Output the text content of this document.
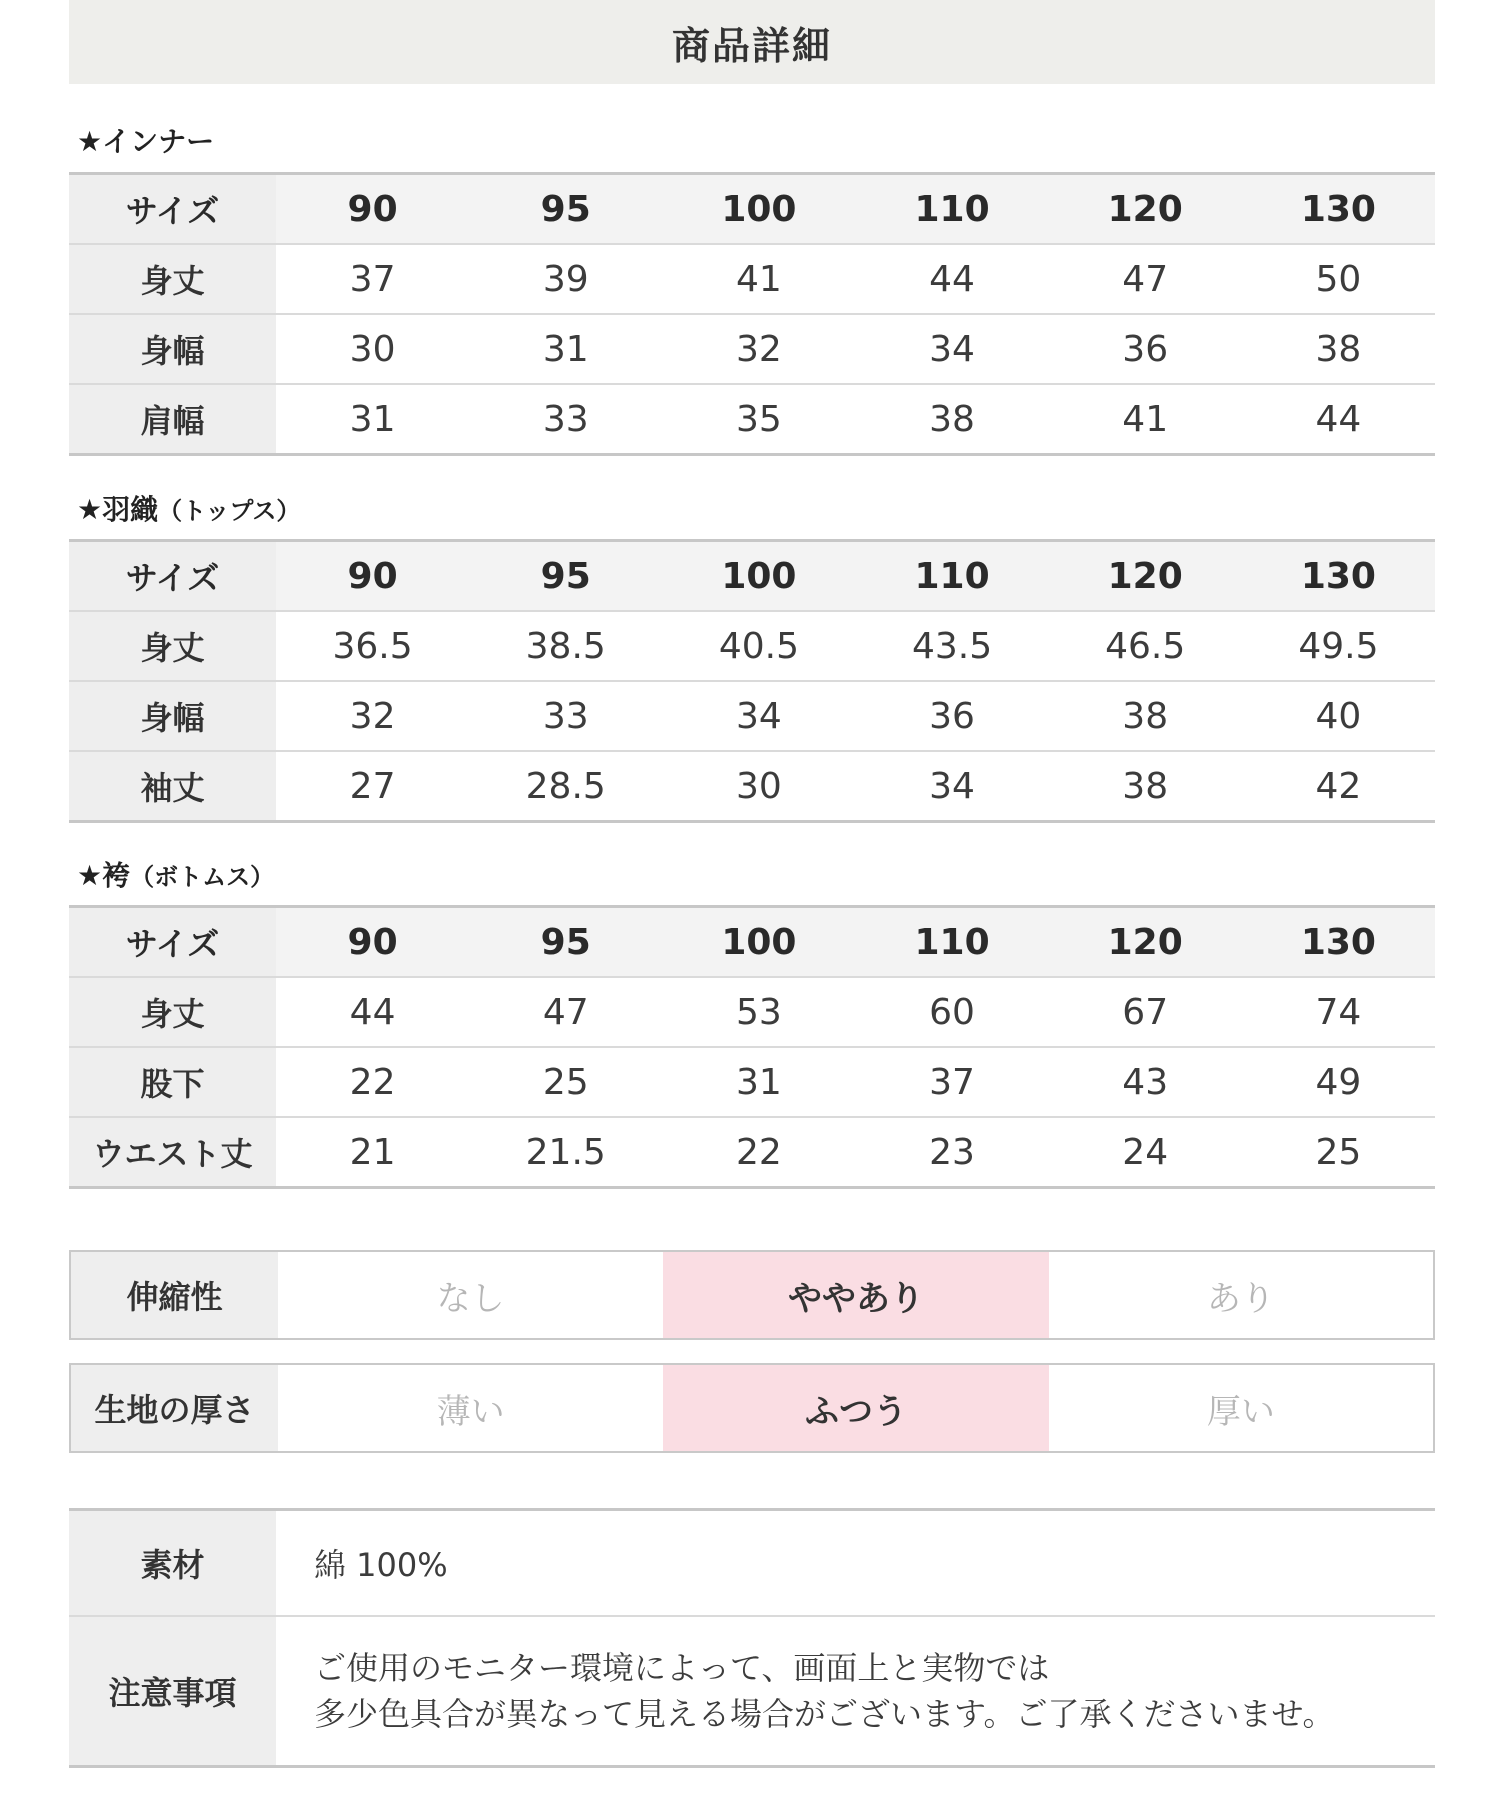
商品詳細
★インナー
サイズ	90	95	100	110	120	130
身丈	37	39	41	44	47	50
身幅	30	31	32	34	36	38
肩幅	31	33	35	38	41	44
★羽織（トップス）
サイズ	90	95	100	110	120	130
身丈	36.5	38.5	40.5	43.5	46.5	49.5
身幅	32	33	34	36	38	40
袖丈	27	28.5	30	34	38	42
★袴（ボトムス）
サイズ	90	95	100	110	120	130
身丈	44	47	53	60	67	74
股下	22	25	31	37	43	49
ウエスト丈	21	21.5	22	23	24	25
伸縮性	なし	ややあり	あり
生地の厚さ	薄い	ふつう	厚い
素材	綿 100%
注意事項	ご使用のモニター環境によって、画面上と実物では
多少色具合が異なって見える場合がございます。ご了承くださいませ。
